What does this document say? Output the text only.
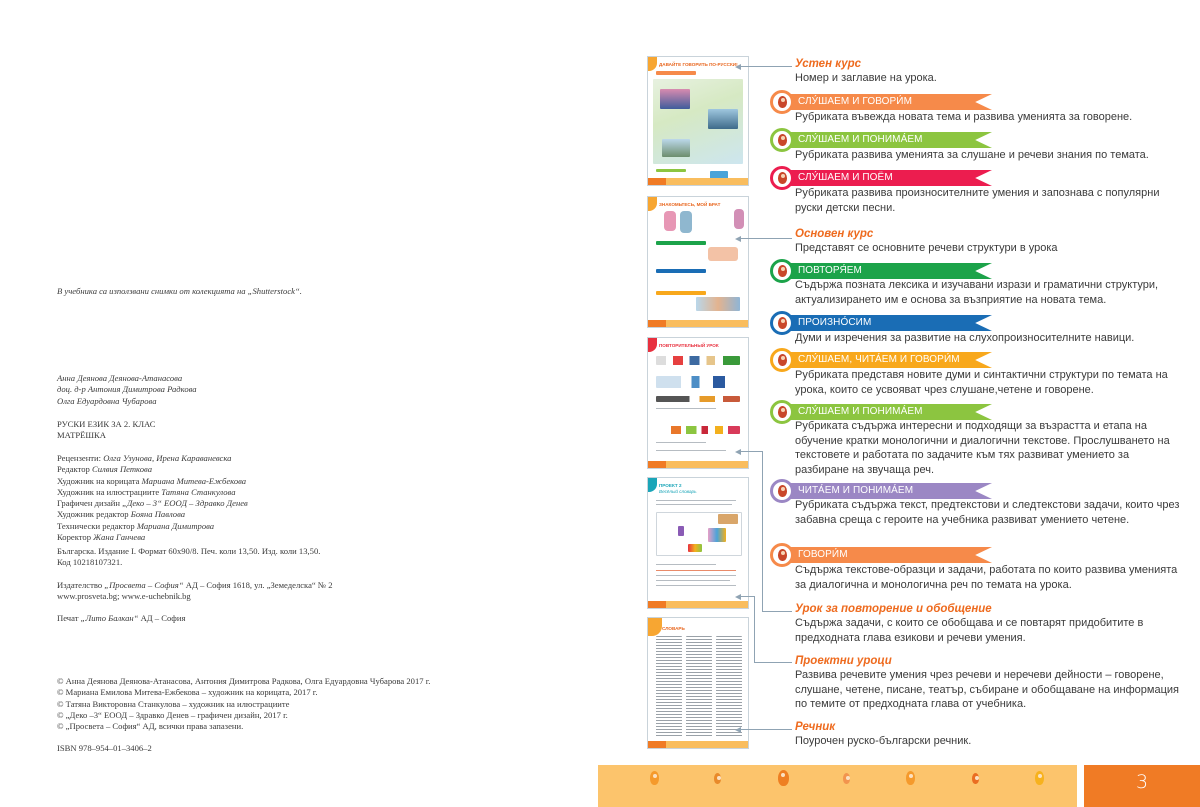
В учебника са използвани снимки от колекцията на „Shutterstock“.
Анна Деянова Деянова-Атанасова
доц. д-р Антония Димитрова Радкова
Олга Едуардовна Чубарова
РУСКИ ЕЗИК ЗА 2. КЛАС
МАТРЁШКА
Рецензенти: Олга Узунова, Ирена Караваневска
Редактор Силвия Петкова
Художник на корицата Мариана Митева-Ежбекова
Художник на илюстрациите Татяна Станкулова
Графичен дизайн „Деко – 3“ ЕООД – Здравко Денев
Художник редактор Бояна Павлова
Технически редактор Мариана Димитрова
Коректор Жана Ганчева
Българска. Издание I. Формат 60x90/8. Печ. коли 13,50. Изд. коли 13,50.
Код 10218107321.
Издателство „Просвета – София“ АД – София 1618, ул. „Земеделска“ № 2
www.prosveta.bg; www.e-uchebnik.bg
Печат „Лито Балкан“ АД – София
© Анна Деянова Деянова-Атанасова, Антония Димитрова Радкова, Олга Едуардовна Чубарова 2017 г.
© Мариана Емилова Митева-Ежбекова – художник на корицата, 2017 г.
© Татяна Викторовна Станкулова – художник на илюстрациите
© „Деко –3“ ЕООД – Здравко Денев – графичен дизайн, 2017 г.
© „Просвета – София“ АД, всички права запазени.
ISBN 978–954–01–3406–2
ДАВАЙТЕ ГОВОРИТЬ ПО-РУССКИ!
ЗНАКОМЬТЕСЬ, МОЙ БРАТ
ПОВТОРИТЕЛЬНЫЙ УРОК
ПРОЕКТ 2
Весёлый словарь
СЛОВАРЬ
Устен курс
Номер и заглавие на урока.
СЛУ́ШАЕМ И ГОВОРИ́М
Рубриката въвежда новата тема и развива уменията за говорене.
СЛУ́ШАЕМ И ПОНИМА́ЕМ
Рубриката развива уменията за слушане и речеви знания по темата.
СЛУ́ШАЕМ И ПОЁМ
Рубриката развива произносителните умения и запознава с популярни руски детски песни.
Основен курс
Представят се основните речеви структури в урока
ПОВТОРЯ́ЕМ
Съдържа позната лексика и изучавани изрази и граматични структури, актуализирането им е основа за възприятие на новата тема.
ПРОИЗНО́СИМ
Думи и изречения за развитие на слухопроизносителните навици.
СЛУ́ШАЕМ, ЧИТА́ЕМ И ГОВОРИ́М
Рубриката представя новите думи и синтактични структури по темата на урока, които се усвояват чрез слушане,четене и говорене.
СЛУ́ШАЕМ И ПОНИМА́ЕМ
Рубриката съдържа интересни и подходящи за възрастта и етапа на обучение кратки монологични и диалогични текстове. Прослушването на текстовете и работата по задачите към тях развиват умението за разбиране на звучаща реч.
ЧИТА́ЕМ И ПОНИМА́ЕМ
Рубриката съдържа текст, предтекстови и следтекстови задачи, които чрез забавна среща с героите на учебника развиват умението четене.
ГОВОРИ́М
Съдържа текстове-образци и задачи, работата по които развива уменията за диалогична и монологична реч по темата на урока.
Урок за повторение и обобщение
Съдържа задачи, с които се обобщава и се повтарят придобитите в предходната глава езикови и речеви умения.
Проектни уроци
Развива речевите умения чрез речеви и неречеви дейности – говорене, слушане, четене, писане, театър, събиране и обобщаване на информация по темите от предходната глава от учебника.
Речник
Поурочен руско-български речник.
3
